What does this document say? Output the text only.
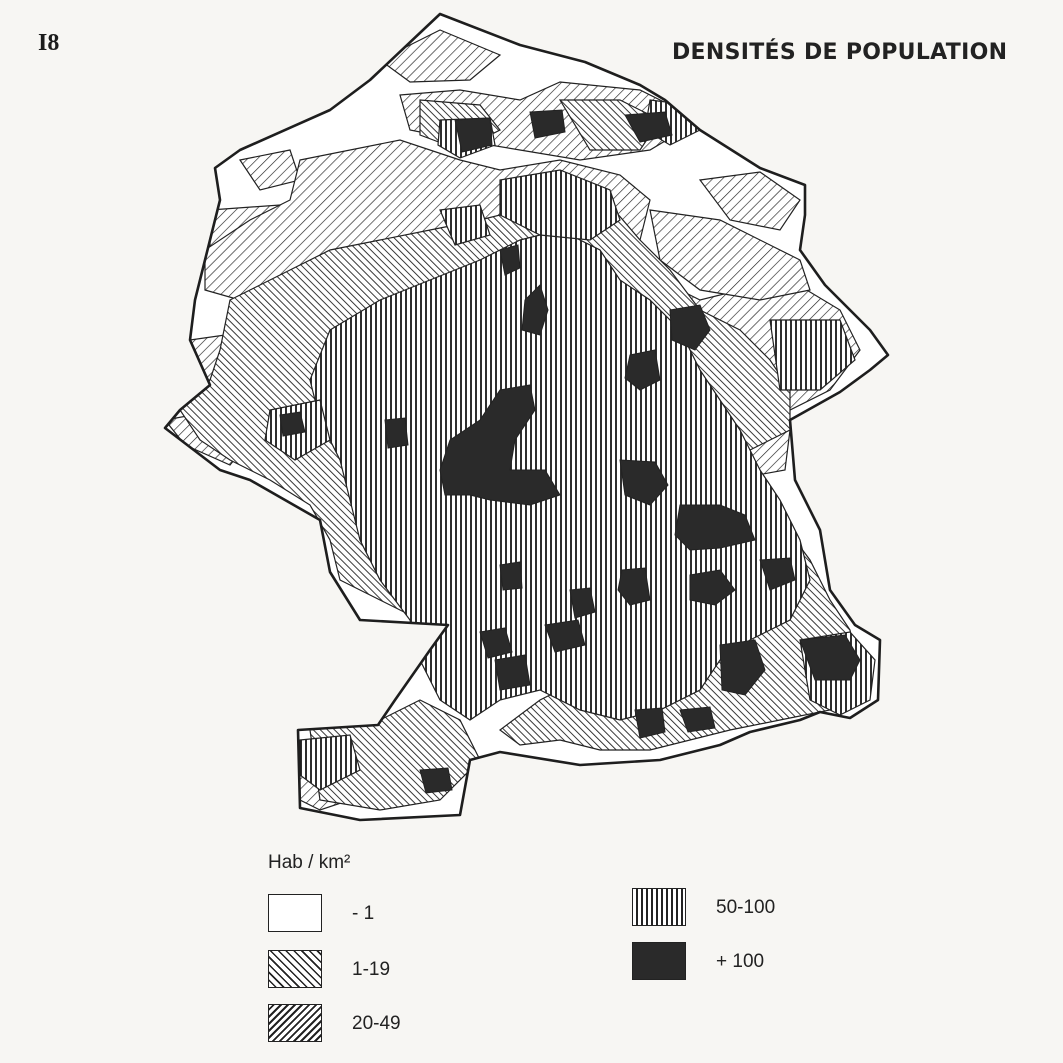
I8	DENSITÉS DE POPULATION
Hab / km²
- 1
1-19
20-49
50-100
+ 100
